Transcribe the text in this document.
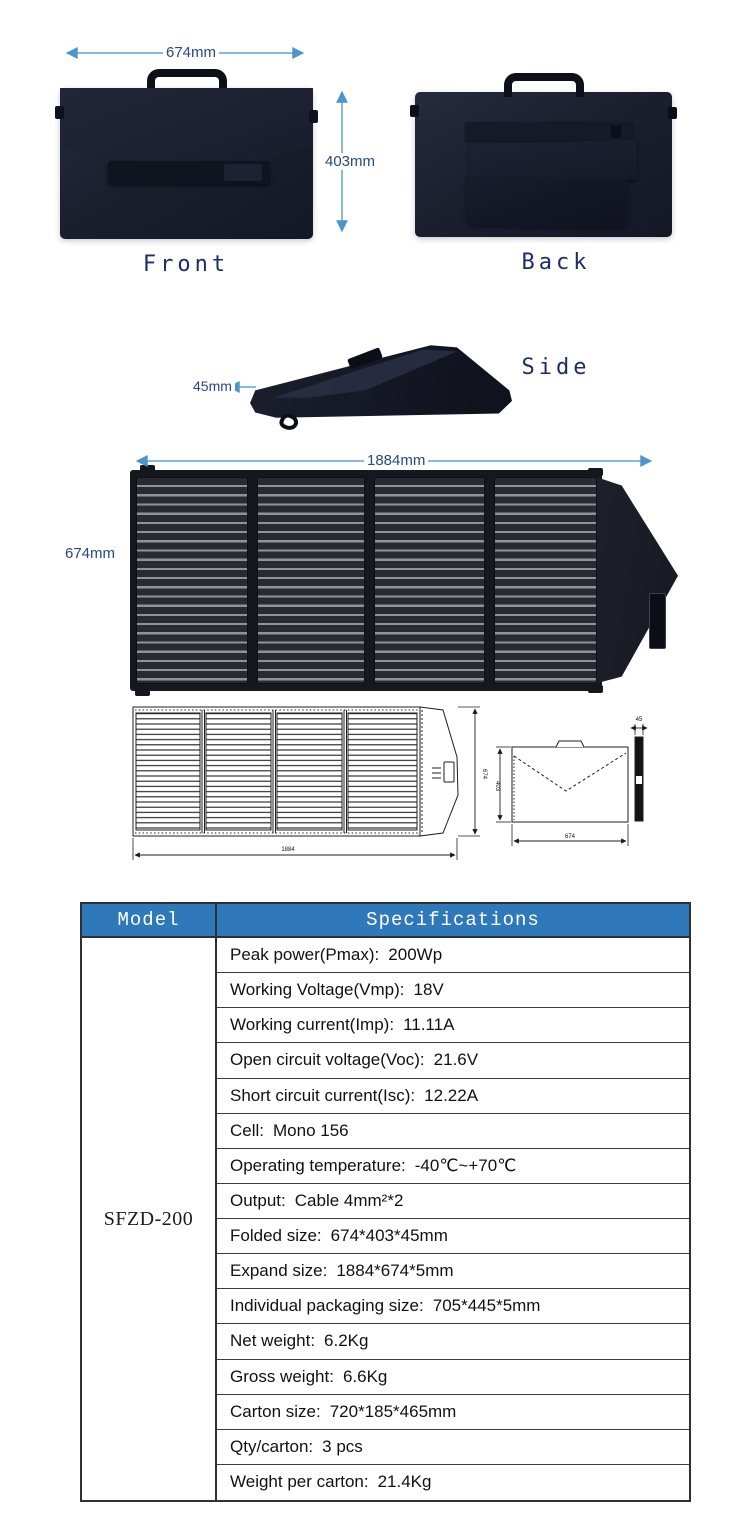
1884
674
403
674
45
674mm
403mm
45mm
1884mm
674mm
Front	Back
Side
Model	Specifications
SFZD-200
Peak power(Pmax): 200Wp
Working Voltage(Vmp): 18V
Working current(Imp): 11.11A
Open circuit voltage(Voc): 21.6V
Short circuit current(Isc): 12.22A
Cell: Mono 156
Operating temperature: -40℃~+70℃
Output: Cable 4mm²*2
Folded size: 674*403*45mm
Expand size: 1884*674*5mm
Individual packaging size: 705*445*5mm
Net weight: 6.2Kg
Gross weight: 6.6Kg
Carton size: 720*185*465mm
Qty/carton: 3 pcs
Weight per carton: 21.4Kg
